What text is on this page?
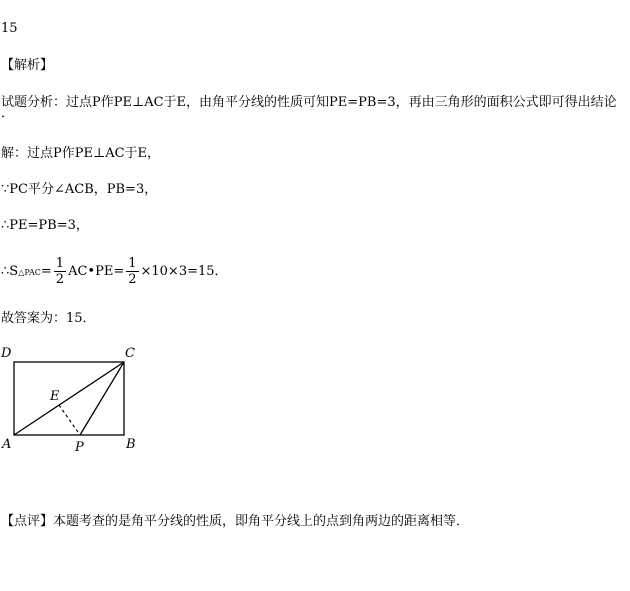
15
【解析】
试题分析：过点P作PE⊥AC于E，由角平分线的性质可知PE=PB=3，再由三角形的面积公式即可得出结论
．
解：过点P作PE⊥AC于E，
∵PC平分∠ACB，PB=3，
∴PE=PB=3，
∴S△PAC= $\frac{1}{2}$ AC•PE= $\frac{1}{2} \times 10\times 3=15$．
故答案为：15．
D	C
E
A	P	B
【点评】本题考查的是角平分线的性质，即角平分线上的点到角两边的距离相等．
